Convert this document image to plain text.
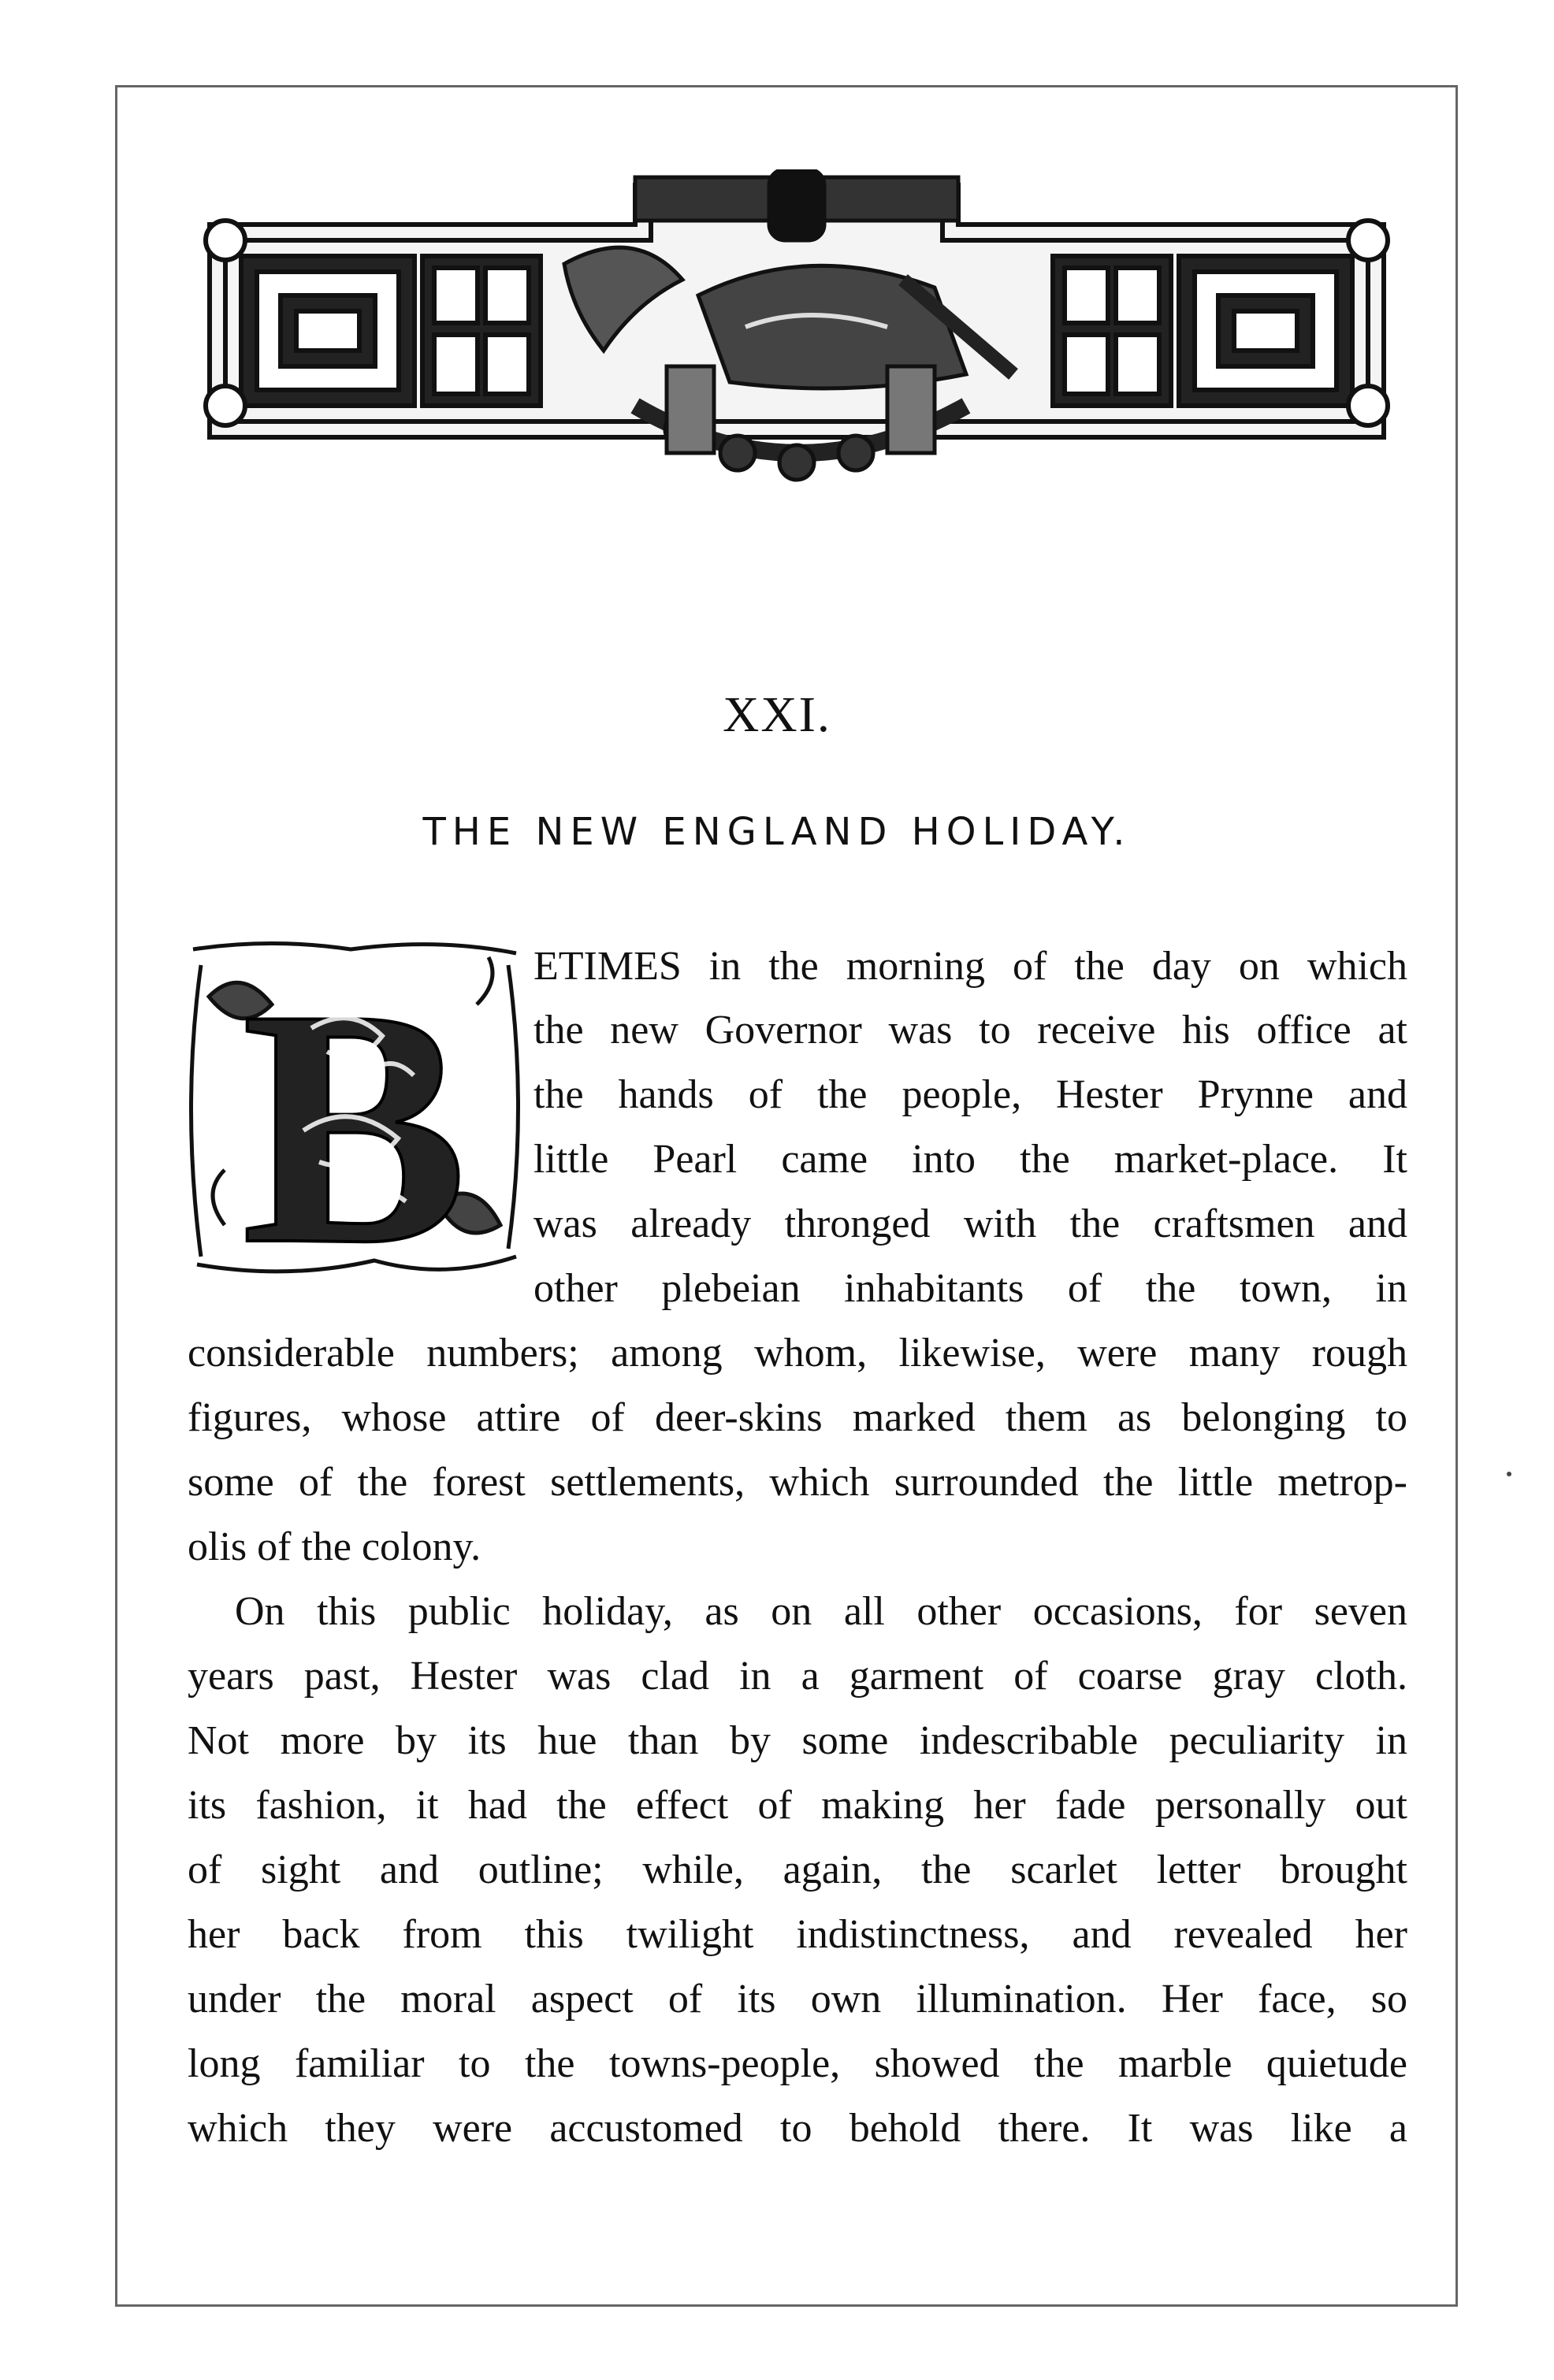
XXI.
THE NEW ENGLAND HOLIDAY.
B ETIMES in the morning of the day on which
the new Governor was to receive his office at
the hands of the people, Hester Prynne and
little Pearl came into the market-place. It
was already thronged with the craftsmen and
other plebeian inhabitants of the town, in
considerable numbers; among whom, likewise, were many rough
figures, whose attire of deer-skins marked them as belonging to
some of the forest settlements, which surrounded the little metrop-
olis of the colony.
On this public holiday, as on all other occasions, for seven
years past, Hester was clad in a garment of coarse gray cloth.
Not more by its hue than by some indescribable peculiarity in
its fashion, it had the effect of making her fade personally out
of sight and outline; while, again, the scarlet letter brought
her back from this twilight indistinctness, and revealed her
under the moral aspect of its own illumination. Her face, so
long familiar to the towns-people, showed the marble quietude
which they were accustomed to behold there. It was like a
